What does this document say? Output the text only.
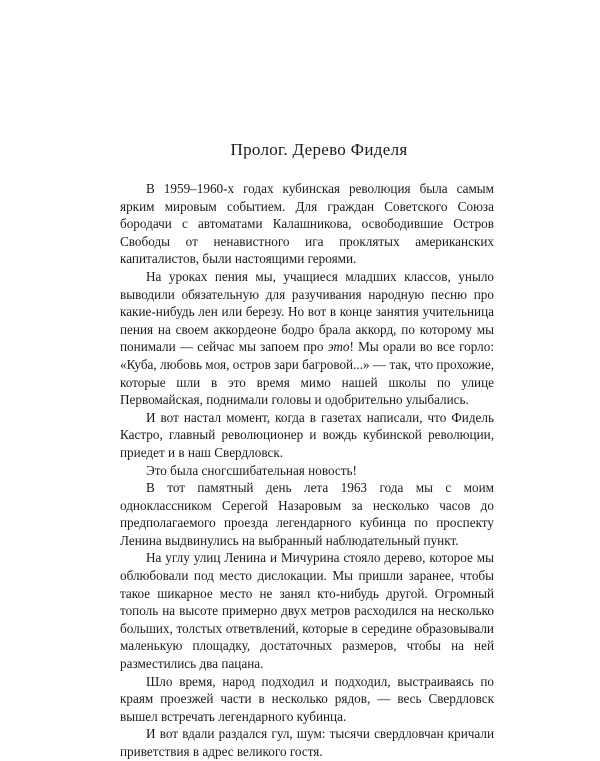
Пролог. Дерево Фиделя

В 1959–1960-х годах кубинская революция была самым ярким мировым событием. Для граждан Советского Союза бородачи с автоматами Калашникова, освободившие Остров Свободы от ненавистного ига проклятых американских капиталистов, были настоящими героями.

На уроках пения мы, учащиеся младших классов, уныло выводили обязательную для разучивания народную песню про какие-нибудь лен или березу. Но вот в конце занятия учительница пения на своем аккордеоне бодро брала аккорд, по которому мы понимали — сейчас мы запоем про это! Мы орали во все горло: «Куба, любовь моя, остров зари багровой...» — так, что прохожие, которые шли в это время мимо нашей школы по улице Первомайская, поднимали головы и одобрительно улыбались.

И вот настал момент, когда в газетах написали, что Фидель Кастро, главный революционер и вождь кубинской революции, приедет и в наш Свердловск.

Это была сногсшибательная новость!

В тот памятный день лета 1963 года мы с моим одноклассником Серегой Назаровым за несколько часов до предполагаемого проезда легендарного кубинца по проспекту Ленина выдвинулись на выбранный наблюдательный пункт.

На углу улиц Ленина и Мичурина стояло дерево, которое мы облюбовали под место дислокации. Мы пришли заранее, чтобы такое шикарное место не занял кто-нибудь другой. Огромный тополь на высоте примерно двух метров расходился на несколько больших, толстых ответвлений, которые в середине образовывали маленькую площадку, достаточных размеров, чтобы на ней разместились два пацана.

Шло время, народ подходил и подходил, выстраиваясь по краям проезжей части в несколько рядов, — весь Свердловск вышел встречать легендарного кубинца.

И вот вдали раздался гул, шум: тысячи свердловчан кричали приветствия в адрес великого гостя.
